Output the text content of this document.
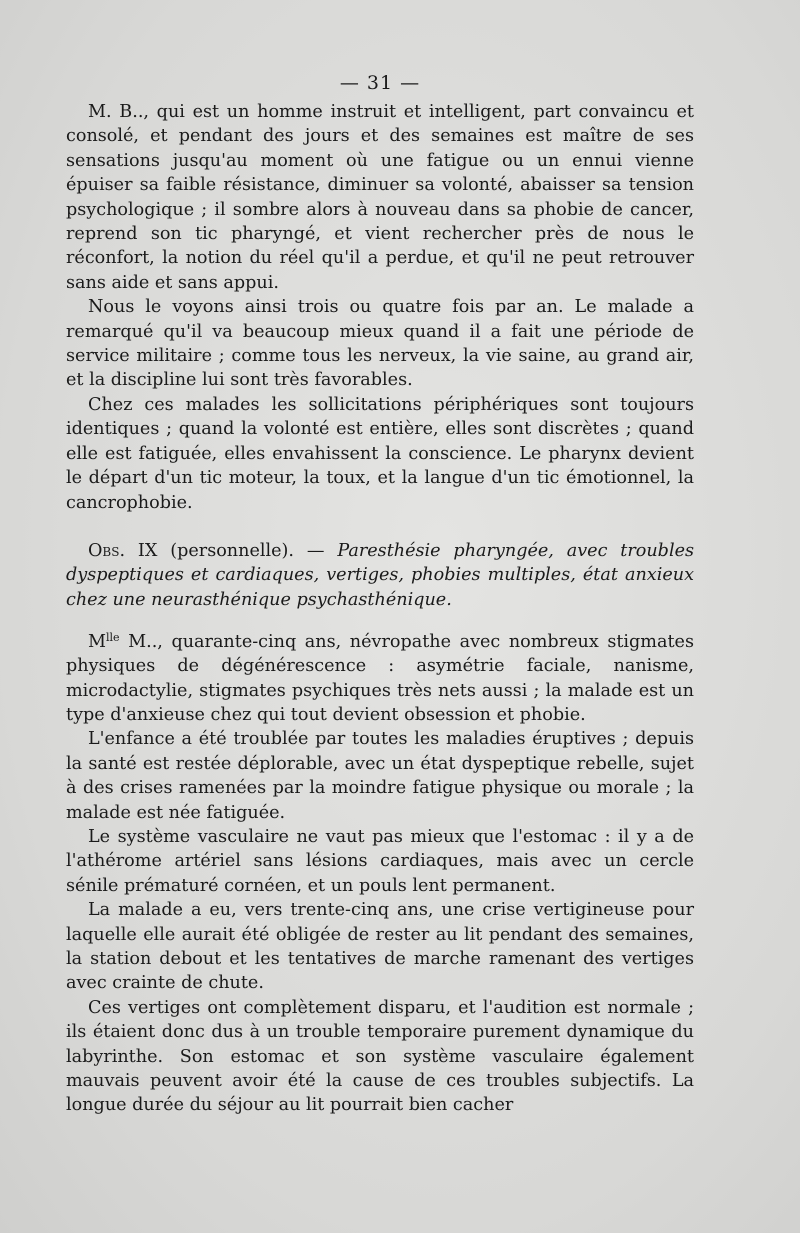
— 31 —

M. B.., qui est un homme instruit et intelligent, part convaincu et consolé, et pendant des jours et des semaines est maître de ses sensations jusqu'au moment où une fatigue ou un ennui vienne épuiser sa faible résistance, diminuer sa volonté, abaisser sa tension psychologique ; il sombre alors à nouveau dans sa phobie de cancer, reprend son tic pharyngé, et vient rechercher près de nous le réconfort, la notion du réel qu'il a perdue, et qu'il ne peut retrouver sans aide et sans appui.

Nous le voyons ainsi trois ou quatre fois par an. Le malade a remarqué qu'il va beaucoup mieux quand il a fait une période de service militaire ; comme tous les nerveux, la vie saine, au grand air, et la discipline lui sont très favorables.

Chez ces malades les sollicitations périphériques sont toujours identiques ; quand la volonté est entière, elles sont discrètes ; quand elle est fatiguée, elles envahissent la conscience. Le pharynx devient le départ d'un tic moteur, la toux, et la langue d'un tic émotionnel, la cancrophobie.

Obs. IX (personnelle). — Paresthésie pharyngée, avec troubles dyspeptiques et cardiaques, vertiges, phobies multiples, état anxieux chez une neurasthénique psychasthénique.

$M^{lle}$ M.., quarante-cinq ans, névropathe avec nombreux stigmates physiques de dégénérescence : asymétrie faciale, nanisme, microdactylie, stigmates psychiques très nets aussi ; la malade est un type d'anxieuse chez qui tout devient obsession et phobie.

L'enfance a été troublée par toutes les maladies éruptives ; depuis la santé est restée déplorable, avec un état dyspeptique rebelle, sujet à des crises ramenées par la moindre fatigue physique ou morale ; la malade est née fatiguée.

Le système vasculaire ne vaut pas mieux que l'estomac : il y a de l'athérome artériel sans lésions cardiaques, mais avec un cercle sénile prématuré cornéen, et un pouls lent permanent.

La malade a eu, vers trente-cinq ans, une crise vertigineuse pour laquelle elle aurait été obligée de rester au lit pendant des semaines, la station debout et les tentatives de marche ramenant des vertiges avec crainte de chute.

Ces vertiges ont complètement disparu, et l'audition est normale ; ils étaient donc dus à un trouble temporaire purement dynamique du labyrinthe. Son estomac et son système vasculaire également mauvais peuvent avoir été la cause de ces troubles subjectifs. La longue durée du séjour au lit pourrait bien cacher
